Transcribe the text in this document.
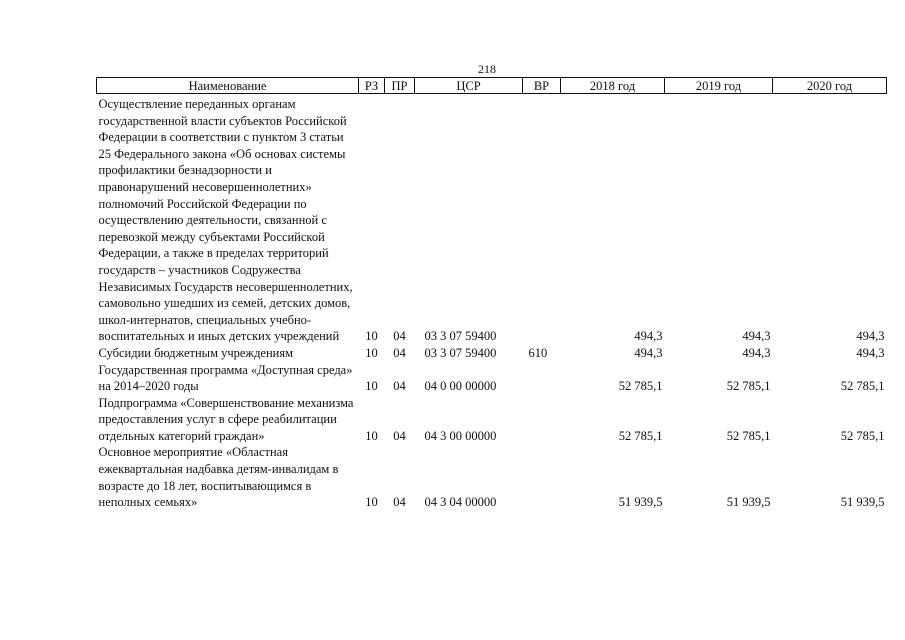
218
Наименование	РЗ	ПР	ЦСР	ВР	2018 год	2019 год	2020 год

Осуществление переданных органам государственной власти субъектов Российской Федерации в соответствии с пунктом 3 статьи 25 Федерального закона «Об основах системы профилактики безнадзорности и правонарушений несовершеннолетних» полномочий Российской Федерации по осуществлению деятельности, связанной с перевозкой между субъектами Российской Федерации, а также в пределах территорий государств – участников Содружества Независимых Государств несовершеннолетних, самовольно ушедших из семей, детских домов, школ-интернатов, специальных учебно-воспитательных и иных детских учреждений	10	04	03 3 07 59400		494,3	494,3	494,3
Субсидии бюджетным учреждениям	10	04	03 3 07 59400	610	494,3	494,3	494,3
Государственная программа «Доступная среда» на 2014–2020 годы	10	04	04 0 00 00000		52 785,1	52 785,1	52 785,1
Подпрограмма «Совершенствование механизма предоставления услуг в сфере реабилитации отдельных категорий граждан»	10	04	04 3 00 00000		52 785,1	52 785,1	52 785,1
Основное мероприятие «Областная ежеквартальная надбавка детям-инвалидам в возрасте до 18 лет, воспитывающимся в неполных семьях»	10	04	04 3 04 00000		51 939,5	51 939,5	51 939,5
